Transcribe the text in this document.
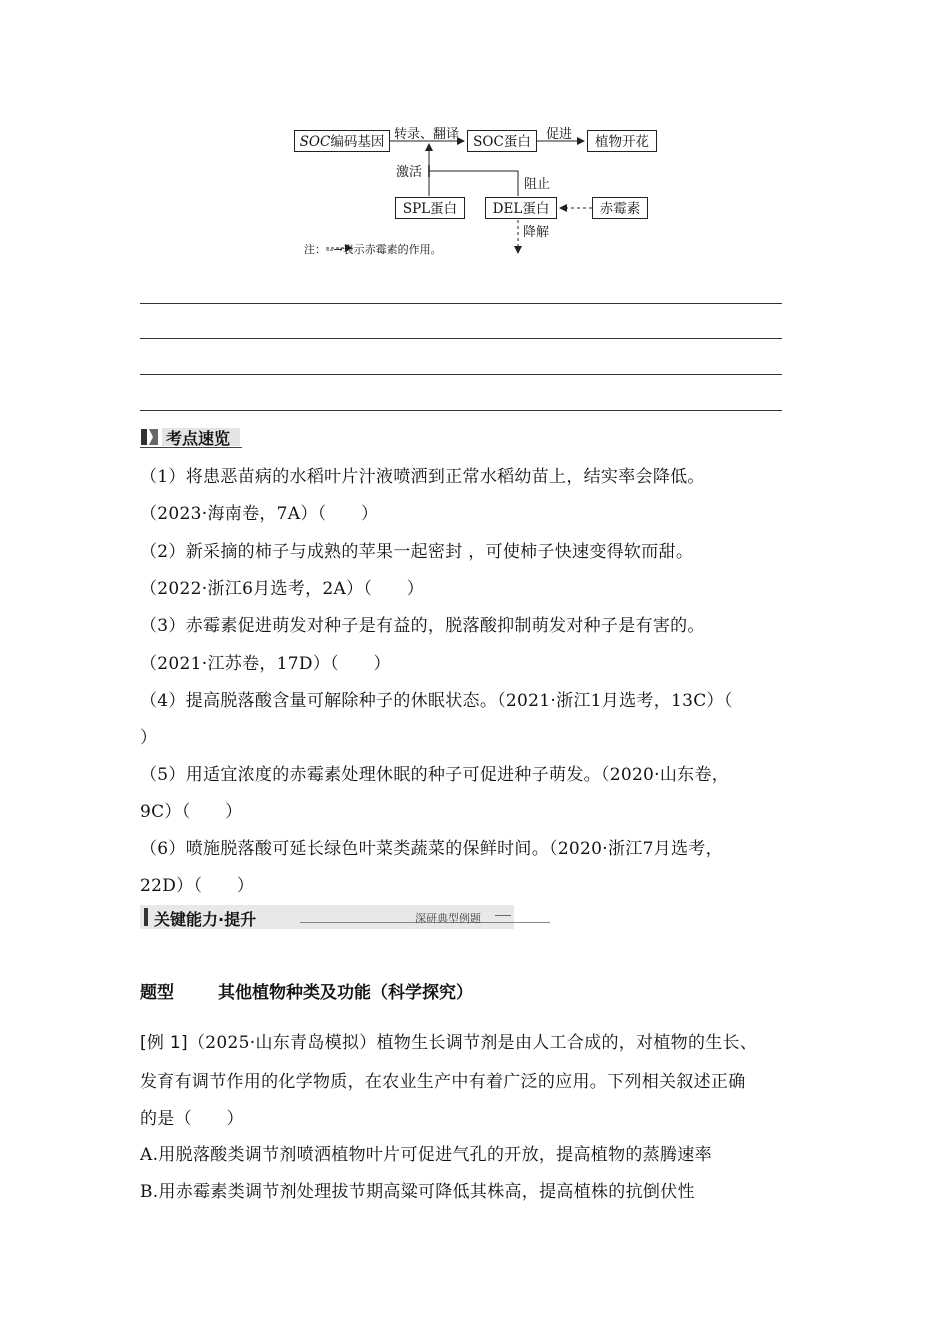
SOC编码基因	SOC蛋白	植物开花
SPL蛋白	DEL蛋白	赤霉素
转录、翻译	促进
激活
阻止
降解
注：--→表示赤霉素的作用。
考点速览
（1）将患恶苗病的水稻叶片汁液喷洒到正常水稻幼苗上，结实率会降低。
（2023·海南卷，7A）（　　）
（2）新采摘的柿子与成熟的苹果一起密封 ，可使柿子快速变得软而甜。
（2022·浙江6月选考，2A）（　　）
（3）赤霉素促进萌发对种子是有益的，脱落酸抑制萌发对种子是有害的。
（2021·江苏卷，17D）（　　）
（4）提高脱落酸含量可解除种子的休眠状态。（2021·浙江1月选考，13C）（
）
（5）用适宜浓度的赤霉素处理休眠的种子可促进种子萌发。（2020·山东卷，
9C）（　　）
（6）喷施脱落酸可延长绿色叶菜类蔬菜的保鲜时间。（2020·浙江7月选考，
22D）（　　）
关键能力·提升	深研典型例题
题型	其他植物种类及功能（科学探究）
[例 1]（2025·山东青岛模拟）植物生长调节剂是由人工合成的，对植物的生长、
发育有调节作用的化学物质，在农业生产中有着广泛的应用。下列相关叙述正确
的是（　　）
A.用脱落酸类调节剂喷洒植物叶片可促进气孔的开放，提高植物的蒸腾速率
B.用赤霉素类调节剂处理拔节期高粱可降低其株高，提高植株的抗倒伏性
